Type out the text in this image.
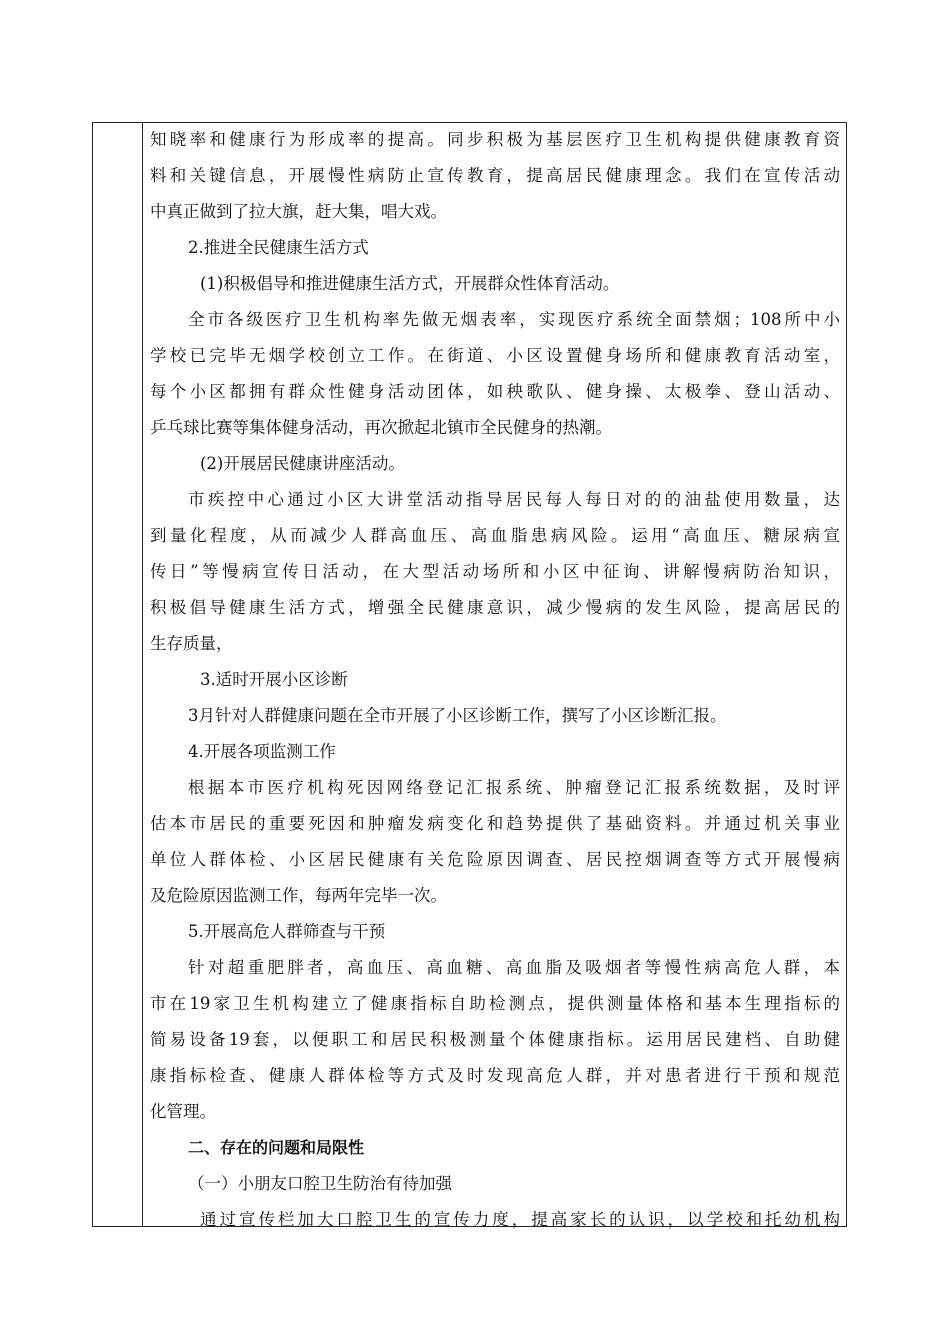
知晓率和健康行为形成率的提高。同步积极为基层医疗卫生机构提供健康教育资
料和关键信息，开展慢性病防止宣传教育，提高居民健康理念。我们在宣传活动
中真正做到了拉大旗，赶大集，唱大戏。
2.推进全民健康生活方式
(1)积极倡导和推进健康生活方式，开展群众性体育活动。
全市各级医疗卫生机构率先做无烟表率，实现医疗系统全面禁烟；108所中小
学校已完毕无烟学校创立工作。在街道、小区设置健身场所和健康教育活动室，
每个小区都拥有群众性健身活动团体，如秧歌队、健身操、太极拳、登山活动、
乒乓球比赛等集体健身活动，再次掀起北镇市全民健身的热潮。
(2)开展居民健康讲座活动。
市疾控中心通过小区大讲堂活动指导居民每人每日对的的油盐使用数量，达
到量化程度，从而减少人群高血压、高血脂患病风险。运用“高血压、糖尿病宣
传日”等慢病宣传日活动，在大型活动场所和小区中征询、讲解慢病防治知识，
积极倡导健康生活方式，增强全民健康意识，减少慢病的发生风险，提高居民的
生存质量，
3.适时开展小区诊断
3月针对人群健康问题在全市开展了小区诊断工作，撰写了小区诊断汇报。
4.开展各项监测工作
根据本市医疗机构死因网络登记汇报系统、肿瘤登记汇报系统数据，及时评
估本市居民的重要死因和肿瘤发病变化和趋势提供了基础资料。并通过机关事业
单位人群体检、小区居民健康有关危险原因调查、居民控烟调查等方式开展慢病
及危险原因监测工作，每两年完毕一次。
5.开展高危人群筛查与干预
针对超重肥胖者，高血压、高血糖、高血脂及吸烟者等慢性病高危人群，本
市在19家卫生机构建立了健康指标自助检测点，提供测量体格和基本生理指标的
简易设备19套，以便职工和居民积极测量个体健康指标。运用居民建档、自助健
康指标检查、健康人群体检等方式及时发现高危人群，并对患者进行干预和规范
化管理。
二、存在的问题和局限性
（一）小朋友口腔卫生防治有待加强
通过宣传栏加大口腔卫生的宣传力度，提高家长的认识，以学校和托幼机构
